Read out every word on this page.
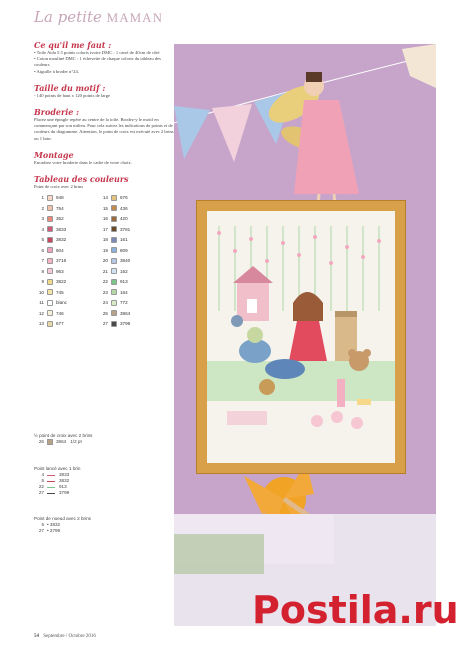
La petite MAMAN
Ce qu'il me faut :
• Toile Aida 5.5 points coloris ivoire DMC : 1 carré de 40cm de côté
• Coton mouliné DMC : 1 échevette de chaque coloris du tableau des couleurs
• Aiguille à broder n°24.
Taille du motif :
- 140 points de haut x 120 points de large
Broderie :
Placez une épingle repère au centre de la toile. Brodez-y le motif en commençant par son milieu. Pour cela suivez les indications de points et de couleurs du diagramme. Attention, le point de croix est exécuté avec 2 brins ou 1 brin.
Montage
Encadrez votre broderie dans le cadre de votre choix.
Tableau des couleurs
Point de croix avec 2 brins
1	948	14	676
2	754	15	436
3	352	16	420
4	3833	17	3781
5	3832	18	161
6	604	19	809
7	3716	20	3840
8	963	21	162
9	3822	22	913
10	745	23	164
11	blanc	24	772
12	746	25	3864
13	677	27	3799
½ point de croix avec 2 brins
26	3864 1/2 pt
Point lancé avec 1 brin
4	3833
5	3832
22	913
27	3799
Point de noeud avec 2 brins
5 • 3832
27 • 3799
54 Septembre / Octobre 2016
Postila.ru
